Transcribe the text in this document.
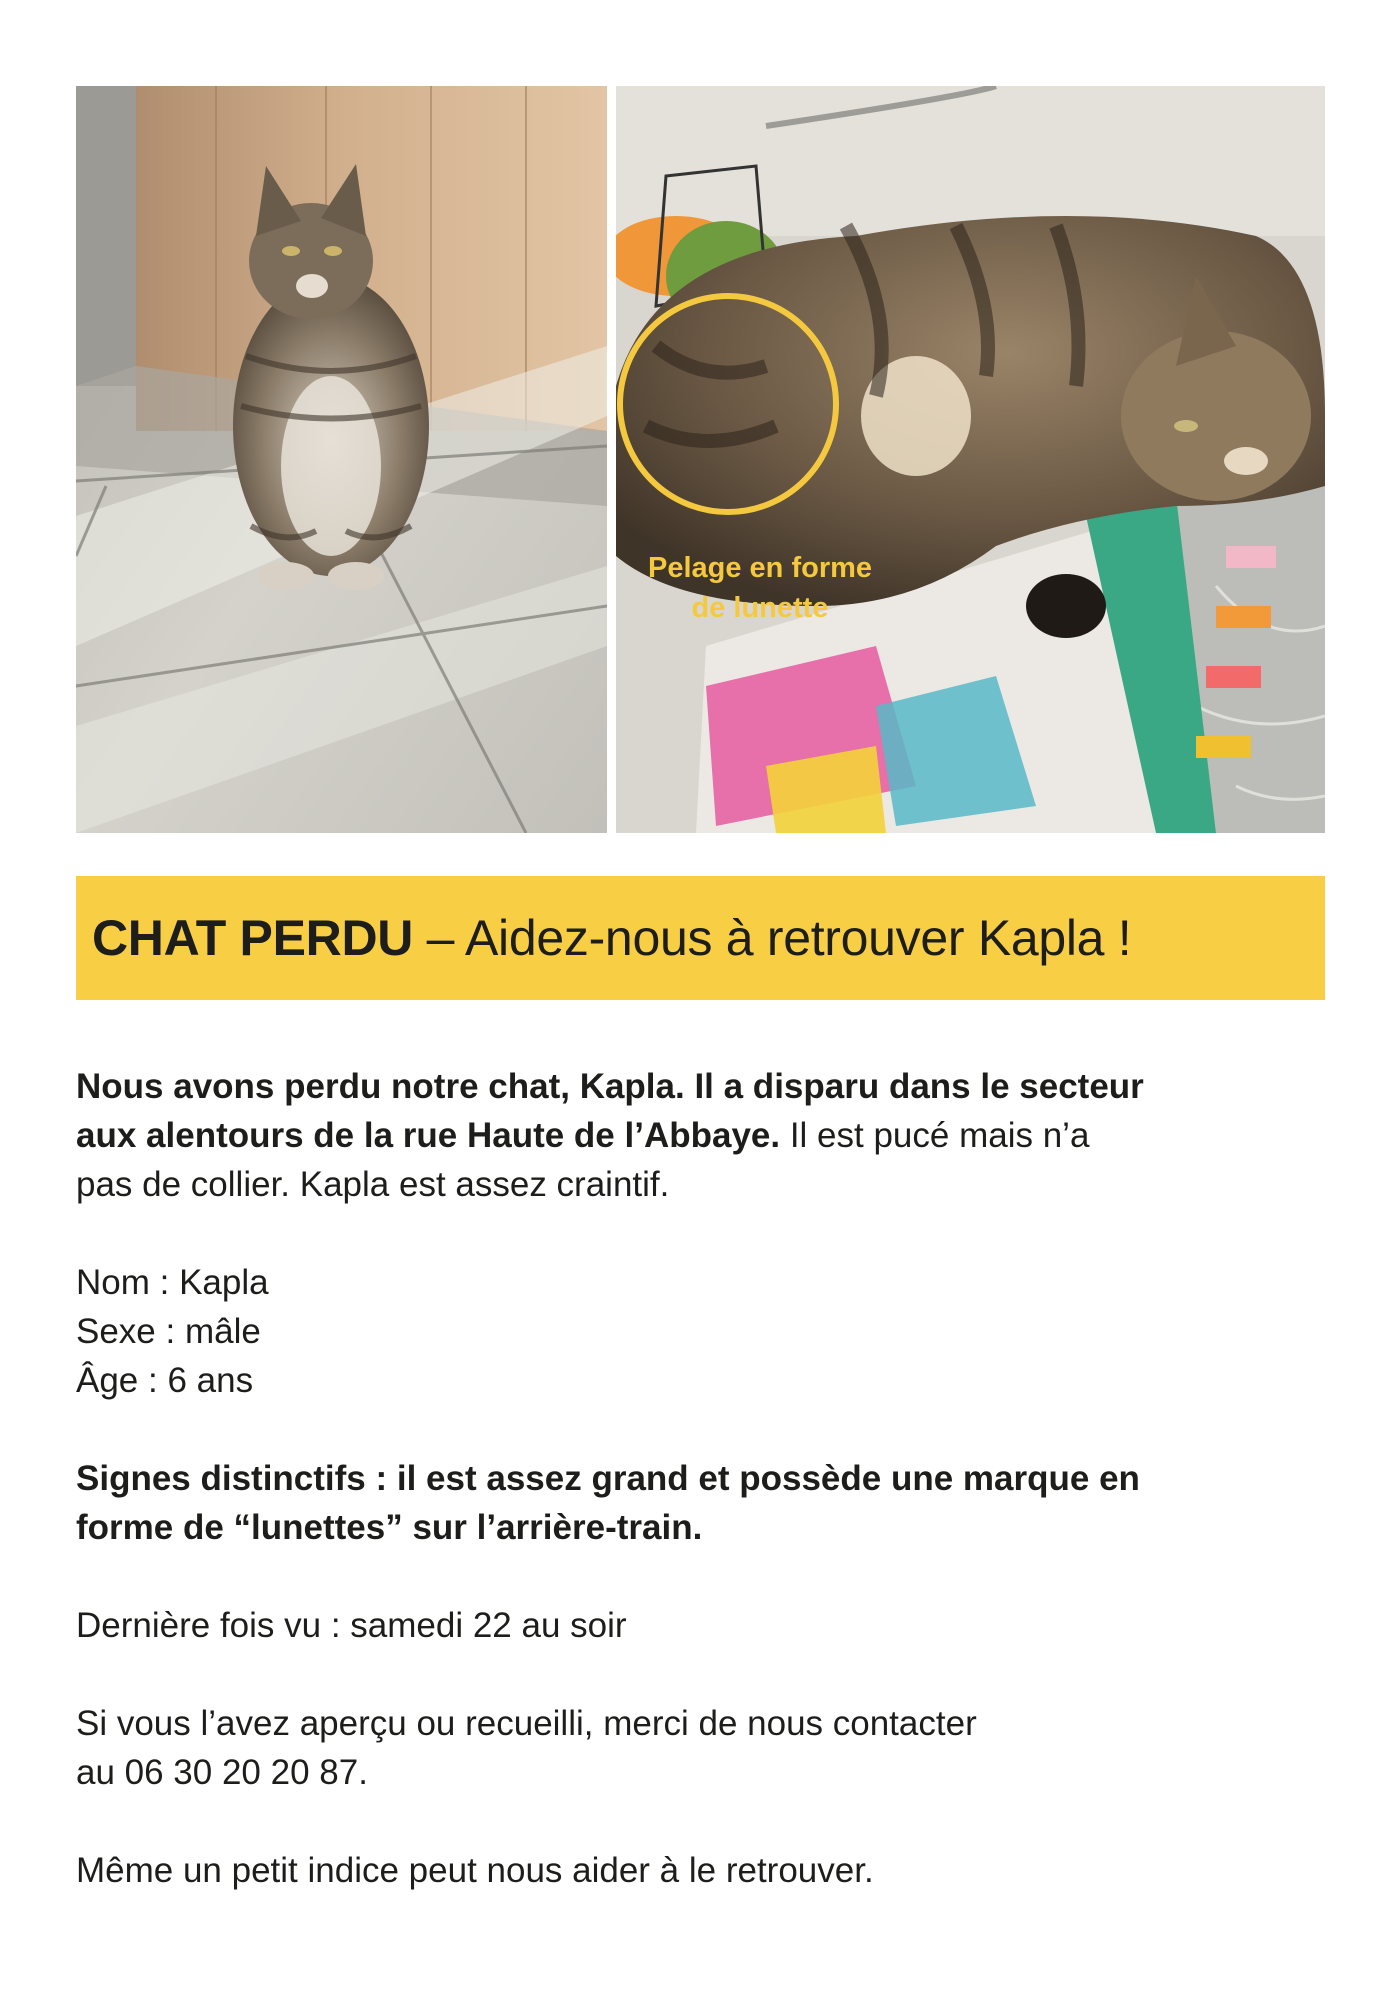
Pelage en forme
de lunette

CHAT PERDU – Aidez-nous à retrouver Kapla !

Nous avons perdu notre chat, Kapla. Il a disparu dans le secteur
aux alentours de la rue Haute de l’Abbaye. Il est pucé mais n’a
pas de collier. Kapla est assez craintif.

Nom : Kapla
Sexe : mâle
Âge : 6 ans

Signes distinctifs : il est assez grand et possède une marque en
forme de “lunettes” sur l’arrière-train.

Dernière fois vu : samedi 22 au soir

Si vous l’avez aperçu ou recueilli, merci de nous contacter
au 06 30 20 20 87.

Même un petit indice peut nous aider à le retrouver.
